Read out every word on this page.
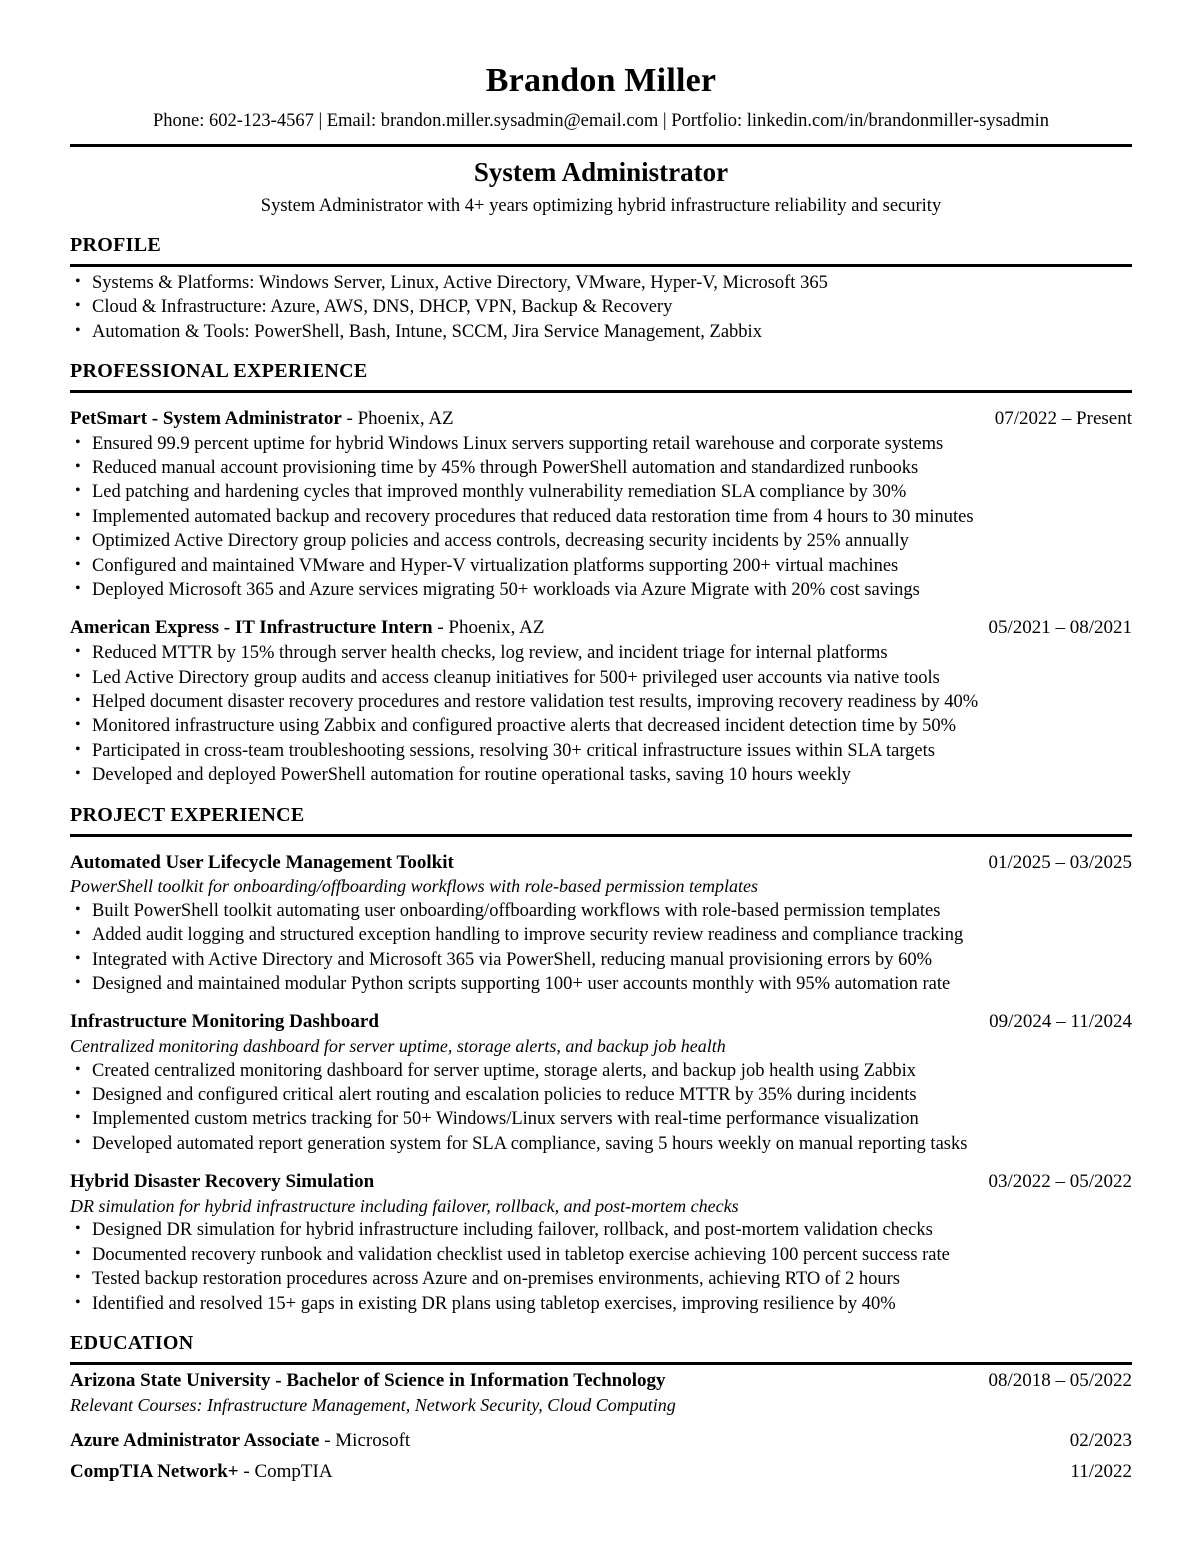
Brandon Miller
Phone: 602-123-4567 | Email: brandon.miller.sysadmin@email.com | Portfolio: linkedin.com/in/brandonmiller-sysadmin
System Administrator
System Administrator with 4+ years optimizing hybrid infrastructure reliability and security
PROFILE
• Systems & Platforms: Windows Server, Linux, Active Directory, VMware, Hyper-V, Microsoft 365
• Cloud & Infrastructure: Azure, AWS, DNS, DHCP, VPN, Backup & Recovery
• Automation & Tools: PowerShell, Bash, Intune, SCCM, Jira Service Management, Zabbix
PROFESSIONAL EXPERIENCE
PetSmart - System Administrator - Phoenix, AZ	07/2022 – Present
• Ensured 99.9 percent uptime for hybrid Windows Linux servers supporting retail warehouse and corporate systems
• Reduced manual account provisioning time by 45% through PowerShell automation and standardized runbooks
• Led patching and hardening cycles that improved monthly vulnerability remediation SLA compliance by 30%
• Implemented automated backup and recovery procedures that reduced data restoration time from 4 hours to 30 minutes
• Optimized Active Directory group policies and access controls, decreasing security incidents by 25% annually
• Configured and maintained VMware and Hyper-V virtualization platforms supporting 200+ virtual machines
• Deployed Microsoft 365 and Azure services migrating 50+ workloads via Azure Migrate with 20% cost savings
American Express - IT Infrastructure Intern - Phoenix, AZ	05/2021 – 08/2021
• Reduced MTTR by 15% through server health checks, log review, and incident triage for internal platforms
• Led Active Directory group audits and access cleanup initiatives for 500+ privileged user accounts via native tools
• Helped document disaster recovery procedures and restore validation test results, improving recovery readiness by 40%
• Monitored infrastructure using Zabbix and configured proactive alerts that decreased incident detection time by 50%
• Participated in cross-team troubleshooting sessions, resolving 30+ critical infrastructure issues within SLA targets
• Developed and deployed PowerShell automation for routine operational tasks, saving 10 hours weekly
PROJECT EXPERIENCE
Automated User Lifecycle Management Toolkit	01/2025 – 03/2025
PowerShell toolkit for onboarding/offboarding workflows with role-based permission templates
• Built PowerShell toolkit automating user onboarding/offboarding workflows with role-based permission templates
• Added audit logging and structured exception handling to improve security review readiness and compliance tracking
• Integrated with Active Directory and Microsoft 365 via PowerShell, reducing manual provisioning errors by 60%
• Designed and maintained modular Python scripts supporting 100+ user accounts monthly with 95% automation rate
Infrastructure Monitoring Dashboard	09/2024 – 11/2024
Centralized monitoring dashboard for server uptime, storage alerts, and backup job health
• Created centralized monitoring dashboard for server uptime, storage alerts, and backup job health using Zabbix
• Designed and configured critical alert routing and escalation policies to reduce MTTR by 35% during incidents
• Implemented custom metrics tracking for 50+ Windows/Linux servers with real-time performance visualization
• Developed automated report generation system for SLA compliance, saving 5 hours weekly on manual reporting tasks
Hybrid Disaster Recovery Simulation	03/2022 – 05/2022
DR simulation for hybrid infrastructure including failover, rollback, and post-mortem checks
• Designed DR simulation for hybrid infrastructure including failover, rollback, and post-mortem validation checks
• Documented recovery runbook and validation checklist used in tabletop exercise achieving 100 percent success rate
• Tested backup restoration procedures across Azure and on-premises environments, achieving RTO of 2 hours
• Identified and resolved 15+ gaps in existing DR plans using tabletop exercises, improving resilience by 40%
EDUCATION
Arizona State University - Bachelor of Science in Information Technology	08/2018 – 05/2022
Relevant Courses: Infrastructure Management, Network Security, Cloud Computing
Azure Administrator Associate - Microsoft	02/2023
CompTIA Network+ - CompTIA	11/2022
